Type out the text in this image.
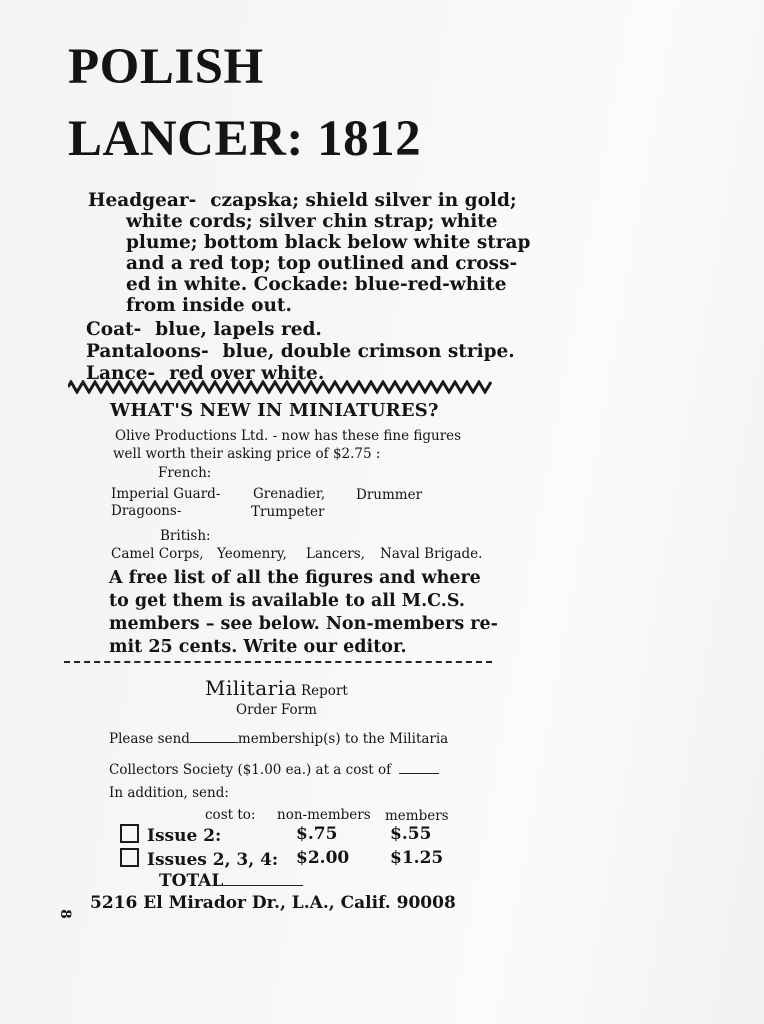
POLISH
LANCER: 1812
Headgear- czapska; shield silver in gold;
white cords; silver chin strap; white
plume; bottom black below white strap
and a red top; top outlined and cross-
ed in white. Cockade: blue-red-white
from inside out.
Coat- blue, lapels red.
Pantaloons- blue, double crimson stripe.
Lance- red over white.
WHAT'S NEW IN MINIATURES?
Olive Productions Ltd. - now has these fine figures
well worth their asking price of $2.75 :
French:
Imperial Guard- Grenadier, Drummer
Dragoons-	Trumpeter
British:
Camel Corps, Yeomenry, Lancers, Naval Brigade.
A free list of all the figures and where
to get them is available to all M.C.S.
members – see below. Non-members re-
mit 25 cents. Write our editor.
Militaria Report
Order Form
Please send	membership(s) to the Militaria
Collectors Society ($1.00 ea.) at a cost of
In addition, send:
cost to: non-members members
Issue 2:	$.75	$.55
Issues 2, 3, 4: $2.00 $1.25
TOTAL
5216 El Mirador Dr., L.A., Calif. 90008
8
